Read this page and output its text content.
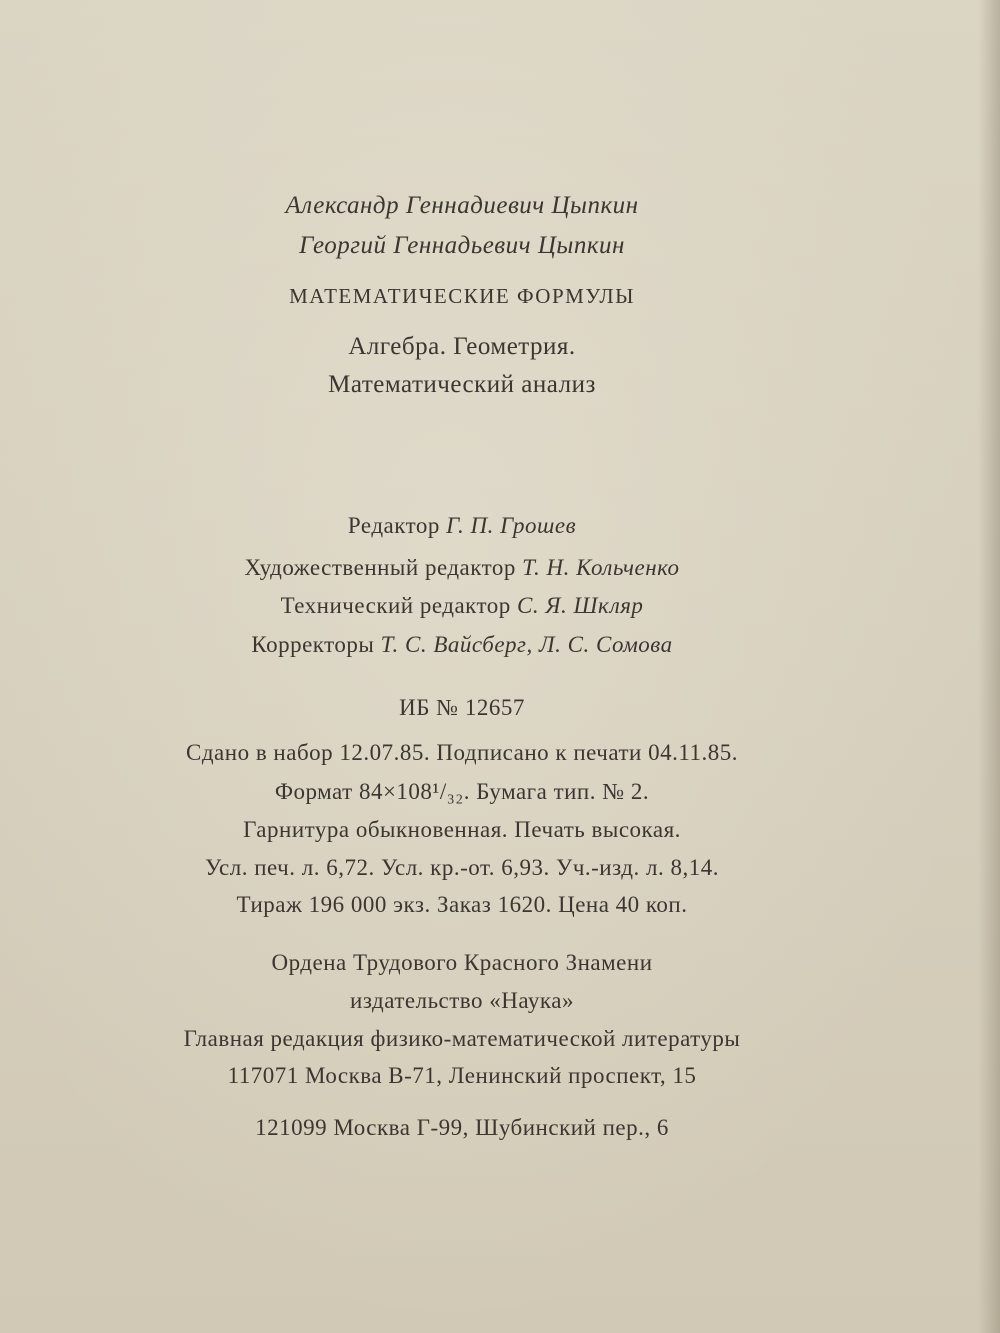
Александр Геннадиевич Цыпкин
Георгий Геннадьевич Цыпкин
МАТЕМАТИЧЕСКИЕ ФОРМУЛЫ
Алгебра. Геометрия.
Математический анализ
Редактор Г. П. Грошев
Художественный редактор Т. Н. Кольченко
Технический редактор С. Я. Шкляр
Корректоры Т. С. Вайсберг, Л. С. Сомова
ИБ № 12657
Сдано в набор 12.07.85. Подписано к печати 04.11.85.
Формат 84×108¹/₃₂. Бумага тип. № 2.
Гарнитура обыкновенная. Печать высокая.
Усл. печ. л. 6,72. Усл. кр.-от. 6,93. Уч.-изд. л. 8,14.
Тираж 196 000 экз. Заказ 1620. Цена 40 коп.
Ордена Трудового Красного Знамени
издательство «Наука»
Главная редакция физико-математической литературы
117071 Москва В-71, Ленинский проспект, 15
121099 Москва Г-99, Шубинский пер., 6
